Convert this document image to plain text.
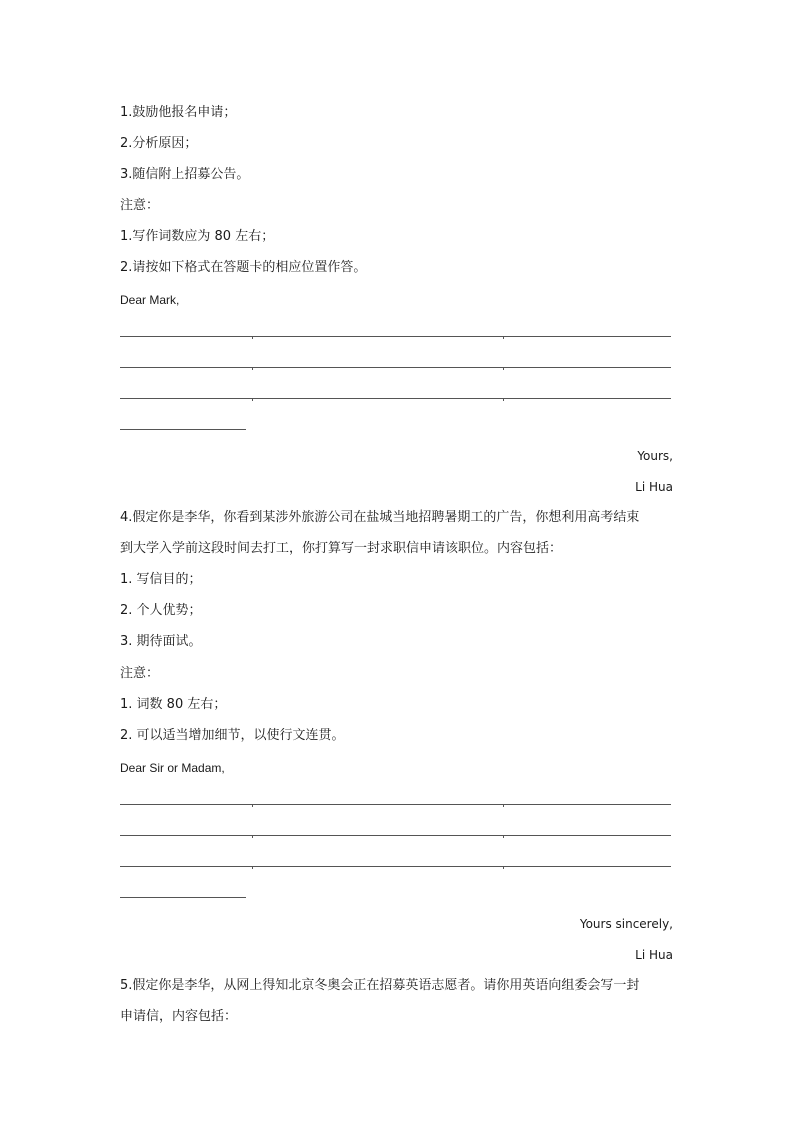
1.鼓励他报名申请；
2.分析原因；
3.随信附上招募公告。
注意：
1.写作词数应为 80 左右；
2.请按如下格式在答题卡的相应位置作答。
Dear Mark,
Yours,
Li Hua
4.假定你是李华，你看到某涉外旅游公司在盐城当地招聘暑期工的广告，你想利用高考结束
到大学入学前这段时间去打工，你打算写一封求职信申请该职位。内容包括：
1. 写信目的；
2. 个人优势；
3. 期待面试。
注意：
1. 词数 80 左右；
2. 可以适当增加细节，以使行文连贯。
Dear Sir or Madam,
Yours sincerely,
Li Hua
5.假定你是李华，从网上得知北京冬奥会正在招募英语志愿者。请你用英语向组委会写一封
申请信，内容包括：
